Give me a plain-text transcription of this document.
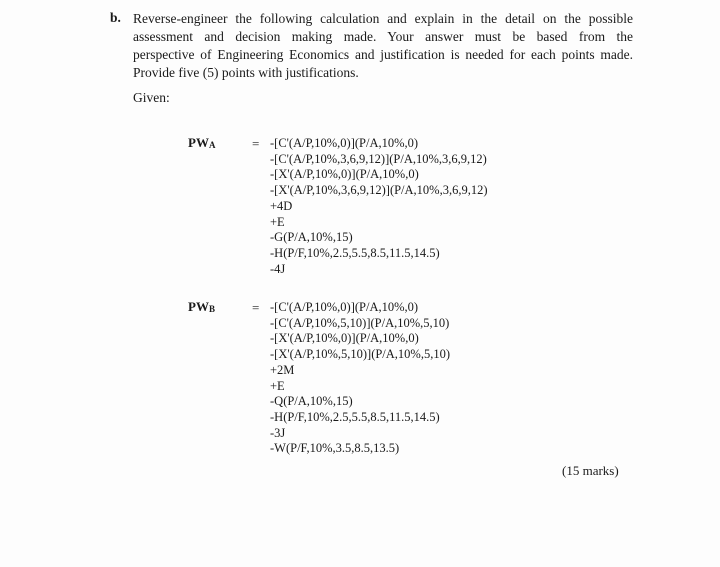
b. Reverse-engineer the following calculation and explain in the detail on the possible

assessment and decision making made. Your answer must be based from the

perspective of Engineering Economics and justification is needed for each points made.

Provide five (5) points with justifications.

Given:
PWA	= -[C'(A/P,10%,0)](P/A,10%,0)
-[C'(A/P,10%,3,6,9,12)](P/A,10%,3,6,9,12)
-[X'(A/P,10%,0)](P/A,10%,0)
-[X'(A/P,10%,3,6,9,12)](P/A,10%,3,6,9,12)
+4D
+E
-G(P/A,10%,15)
-H(P/F,10%,2.5,5.5,8.5,11.5,14.5)
-4J
PWB	= -[C'(A/P,10%,0)](P/A,10%,0)
-[C'(A/P,10%,5,10)](P/A,10%,5,10)
-[X'(A/P,10%,0)](P/A,10%,0)
-[X'(A/P,10%,5,10)](P/A,10%,5,10)
+2M
+E
-Q(P/A,10%,15)
-H(P/F,10%,2.5,5.5,8.5,11.5,14.5)
-3J
-W(P/F,10%,3.5,8.5,13.5)
(15 marks)
